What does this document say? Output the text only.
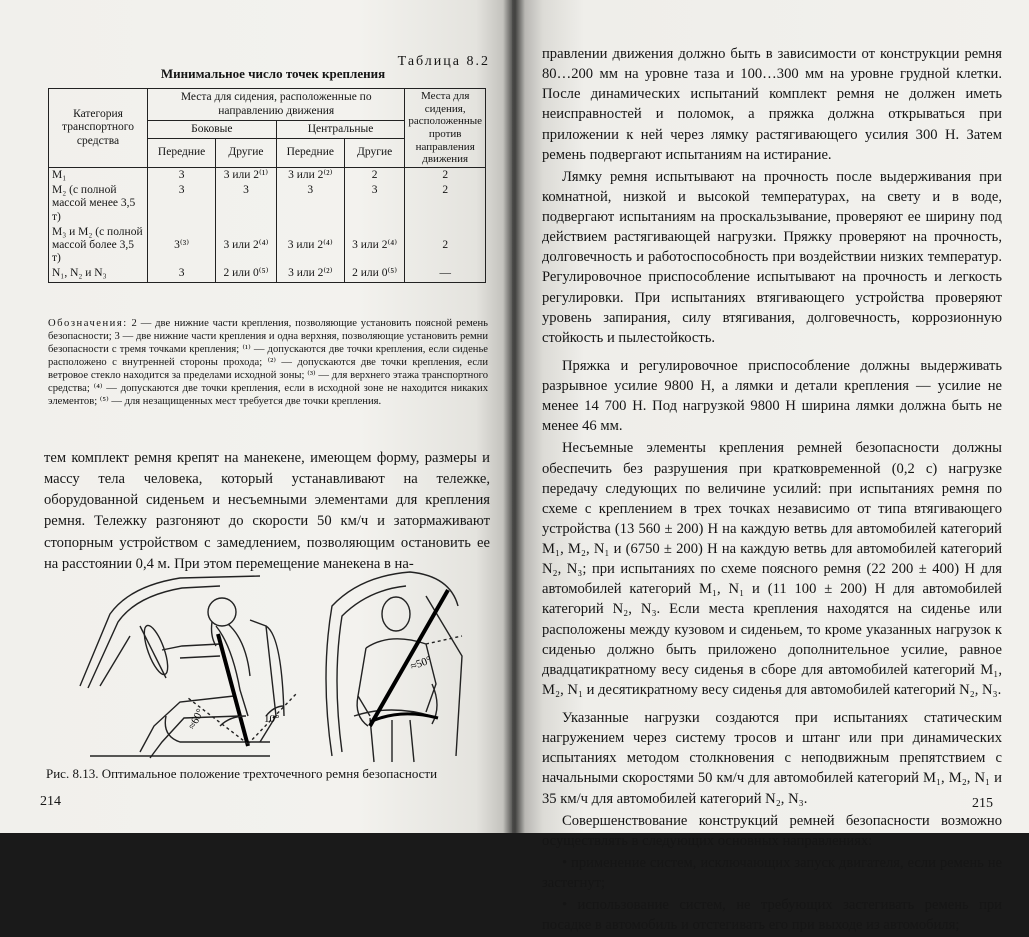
Таблица 8.2
Минимальное число точек крепления
Категория транспортного средства	Места для сидения, расположенные по направлению движения				Места для сидения, расположенные против направления движения
	Боковые		Центральные		
	Передние	Другие	Передние	Другие	
M₁	3	3 или 2⁽¹⁾	3 или 2⁽²⁾	2	2
M₂ (с полной массой менее 3,5 т)	3	3	3	3	2
M₃ и M₂ (с полной массой более 3,5 т)	3⁽³⁾	3 или 2⁽⁴⁾	3 или 2⁽⁴⁾	3 или 2⁽⁴⁾	2
N₁, N₂ и N₃	3	2 или 0⁽⁵⁾	3 или 2⁽²⁾	2 или 0⁽⁵⁾	—
Обозначения: 2 — две нижние части крепления, позволяющие установить поясной ремень безопасности; 3 — две нижние части крепления и одна верхняя, позволяющие установить ремни безопасности с тремя точками крепления; ⁽¹⁾ — допускаются две точки крепления, если сиденье расположено с внутренней стороны прохода; ⁽²⁾ — допускаются две точки крепления, если ветровое стекло находится за пределами исходной зоны; ⁽³⁾ — для верхнего этажа транспортного средства; ⁽⁴⁾ — допускаются две точки крепления, если в исходной зоне не находится никаких элементов; ⁽⁵⁾ — для незащищенных мест требуется две точки крепления.

тем комплект ремня крепят на манекене, имеющем форму, размеры и массу тела человека, который устанавливают на тележке, оборудованной сиденьем и несъемными элементами для крепления ремня. Тележку разгоняют до скорости 50 км/ч и затормаживают стопорным устройством с замедлением, позволяющим остановить ее на расстоянии 0,4 м. При этом перемещение манекена в на-

≈60°	10°
≈50°
Рис. 8.13. Оптимальное положение трехточечного ремня безопасности
214

правлении движения должно быть в зависимости от конструкции ремня 80…200 мм на уровне таза и 100…300 мм на уровне грудной клетки. После динамических испытаний комплект ремня не должен иметь неисправностей и поломок, а пряжка должна открываться при приложении к ней через лямку растягивающего усилия 300 Н. Затем ремень подвергают испытаниям на истирание.

Лямку ремня испытывают на прочность после выдерживания при комнатной, низкой и высокой температурах, на свету и в воде, подвергают испытаниям на проскальзывание, проверяют ее ширину под действием растягивающей нагрузки. Пряжку проверяют на прочность, долговечность и работоспособность при воздействии низких температур. Регулировочное приспособление испытывают на прочность и легкость регулировки. При испытаниях втягивающего устройства проверяют уровень запирания, силу втягивания, долговечность, коррозионную стойкость и пылестойкость.

Пряжка и регулировочное приспособление должны выдерживать разрывное усилие 9800 Н, а лямки и детали крепления — усилие не менее 14 700 Н. Под нагрузкой 9800 Н ширина лямки должна быть не менее 46 мм.

Несъемные элементы крепления ремней безопасности должны обеспечить без разрушения при кратковременной (0,2 с) нагрузке передачу следующих по величине усилий: при испытаниях ремня по схеме с креплением в трех точках независимо от типа втягивающего устройства (13 560 ± 200) Н на каждую ветвь для автомобилей категорий M₁, M₂, N₁ и (6750 ± 200) Н на каждую ветвь для автомобилей категорий N₂, N₃; при испытаниях по схеме поясного ремня (22 200 ± 400) Н для автомобилей категорий M₁, N₁ и (11 100 ± 200) Н для автомобилей категорий N₂, N₃. Если места крепления находятся на сиденье или расположены между кузовом и сиденьем, то кроме указанных нагрузок к сиденью должно быть приложено дополнительное усилие, равное двадцатикратному весу сиденья в сборе для автомобилей категорий M₁, M₂, N₁ и десятикратному весу сиденья для автомобилей категорий N₂, N₃.

Указанные нагрузки создаются при испытаниях статическим нагружением через систему тросов и штанг или при динамических испытаниях методом столкновения с неподвижным препятствием с начальными скоростями 50 км/ч для автомобилей категорий M₁, M₂, N₁ и 35 км/ч для автомобилей категорий N₂, N₃.

Совершенствование конструкций ремней безопасности возможно осуществлять в следующих основных направлениях:

• применение систем, исключающих запуск двигателя, если ремень не застегнут;

• использование систем, не требующих застегивать ремень при посадке в автомобиль и отстегивать его при выходе из автомобиля;

215
